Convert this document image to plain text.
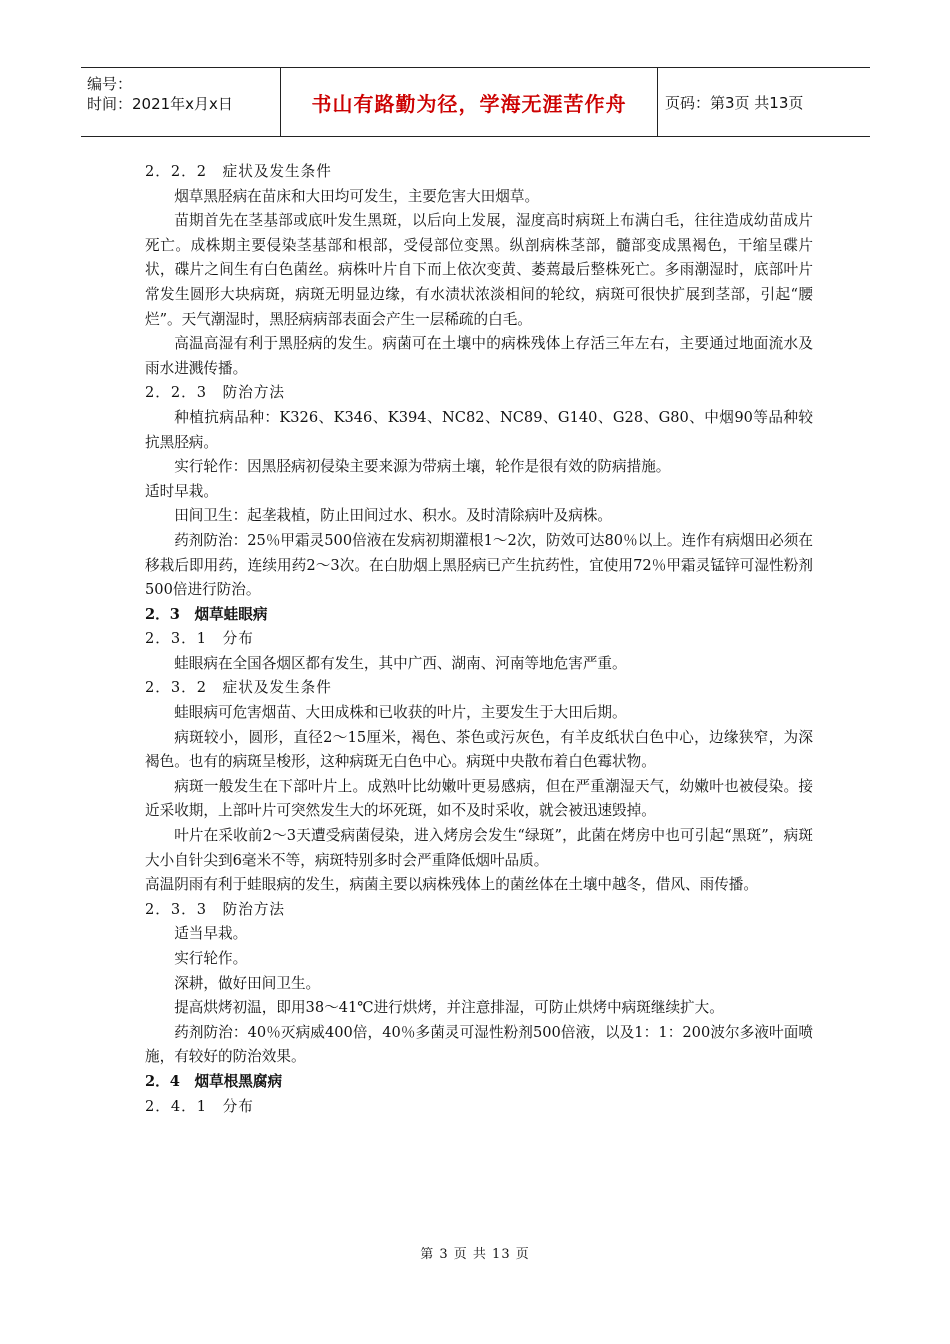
编号：
时间：2021年x月x日	书山有路勤为径，学海无涯苦作舟	页码：第3页 共13页

2．2．2　症状及发生条件

烟草黑胫病在苗床和大田均可发生，主要危害大田烟草。

苗期首先在茎基部或底叶发生黑斑，以后向上发展，湿度高时病斑上布满白毛，往往造成幼苗成片死亡。成株期主要侵染茎基部和根部，受侵部位变黑。纵剖病株茎部，髓部变成黑褐色，干缩呈碟片状，碟片之间生有白色菌丝。病株叶片自下而上依次变黄、萎蔫最后整株死亡。多雨潮湿时，底部叶片常发生圆形大块病斑，病斑无明显边缘，有水渍状浓淡相间的轮纹，病斑可很快扩展到茎部，引起“腰烂”。天气潮湿时，黑胫病病部表面会产生一层稀疏的白毛。

高温高湿有利于黑胫病的发生。病菌可在土壤中的病株残体上存活三年左右，主要通过地面流水及雨水进溅传播。

2．2．3　防治方法

种植抗病品种：K326、K346、K394、NC82、NC89、G140、G28、G80、中烟90等品种较抗黑胫病。

实行轮作：因黑胫病初侵染主要来源为带病土壤，轮作是很有效的防病措施。

适时早栽。

田间卫生：起垄栽植，防止田间过水、积水。及时清除病叶及病株。

药剂防治：25％甲霜灵500倍液在发病初期灌根1～2次，防效可达80％以上。连作有病烟田必须在移栽后即用药，连续用药2～3次。在白肋烟上黑胫病已产生抗药性，宜使用72％甲霜灵锰锌可湿性粉剂500倍进行防治。

2．3　烟草蛙眼病

2．3．1　分布

蛙眼病在全国各烟区都有发生，其中广西、湖南、河南等地危害严重。

2．3．2　症状及发生条件

蛙眼病可危害烟苗、大田成株和已收获的叶片，主要发生于大田后期。

病斑较小，圆形，直径2～15厘米，褐色、茶色或污灰色，有羊皮纸状白色中心，边缘狭窄，为深褐色。也有的病斑呈梭形，这种病斑无白色中心。病斑中央散布着白色霉状物。

病斑一般发生在下部叶片上。成熟叶比幼嫩叶更易感病，但在严重潮湿天气，幼嫩叶也被侵染。接近采收期，上部叶片可突然发生大的坏死斑，如不及时采收，就会被迅速毁掉。

叶片在采收前2～3天遭受病菌侵染，进入烤房会发生“绿斑”，此菌在烤房中也可引起“黑斑”，病斑大小自针尖到6毫米不等，病斑特别多时会严重降低烟叶品质。

高温阴雨有利于蛙眼病的发生，病菌主要以病株残体上的菌丝体在土壤中越冬，借风、雨传播。

2．3．3　防治方法

适当早栽。

实行轮作。

深耕，做好田间卫生。

提高烘烤初温，即用38～41℃进行烘烤，并注意排湿，可防止烘烤中病斑继续扩大。

药剂防治：40％灭病威400倍，40％多菌灵可湿性粉剂500倍液，以及1：1：200波尔多液叶面喷施，有较好的防治效果。

2．4　烟草根黑腐病

2．4．1　分布

第 3 页 共 13 页
